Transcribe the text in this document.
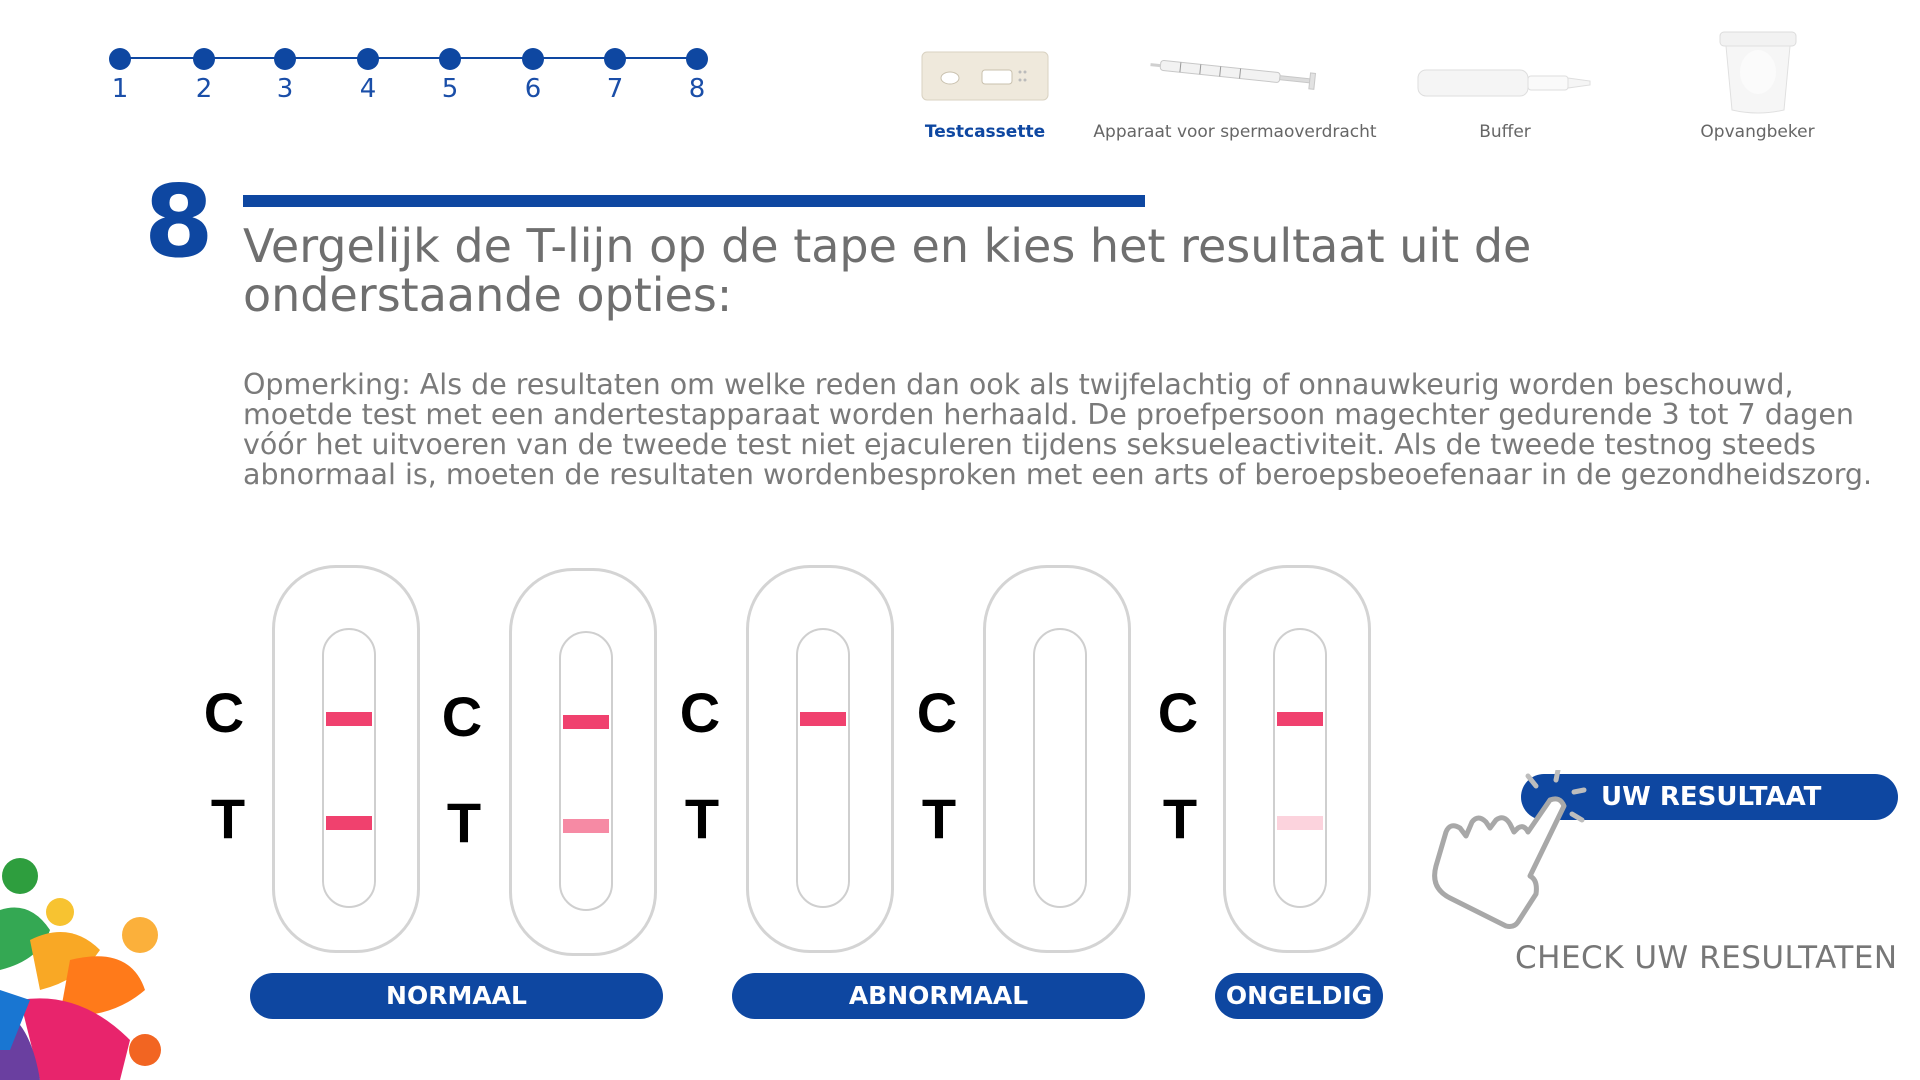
1	2	3	4	5	6	7	8
Testcassette	Apparaat voor spermaoverdracht	Buffer	Opvangbeker
8 Vergelijk de T-lijn op de tape en kies het resultaat uit de onderstaande opties:
Opmerking: Als de resultaten om welke reden dan ook als twijfelachtig of onnauwkeurig worden beschouwd, moetde test met een andertestapparaat worden herhaald. De proefpersoon magechter gedurende 3 tot 7 dagen vóór het uitvoeren van de tweede test niet ejaculeren tijdens seksueleactiviteit. Als de tweede testnog steeds abnormaal is, moeten de resultaten wordenbesproken met een arts of beroepsbeoefenaar in de gezondheidszorg.
C
T
C
T
C
T
C
T
C
T
NORMAAL	ABNORMAAL	ONGELDIG
UW RESULTAAT
CHECK UW RESULTATEN
